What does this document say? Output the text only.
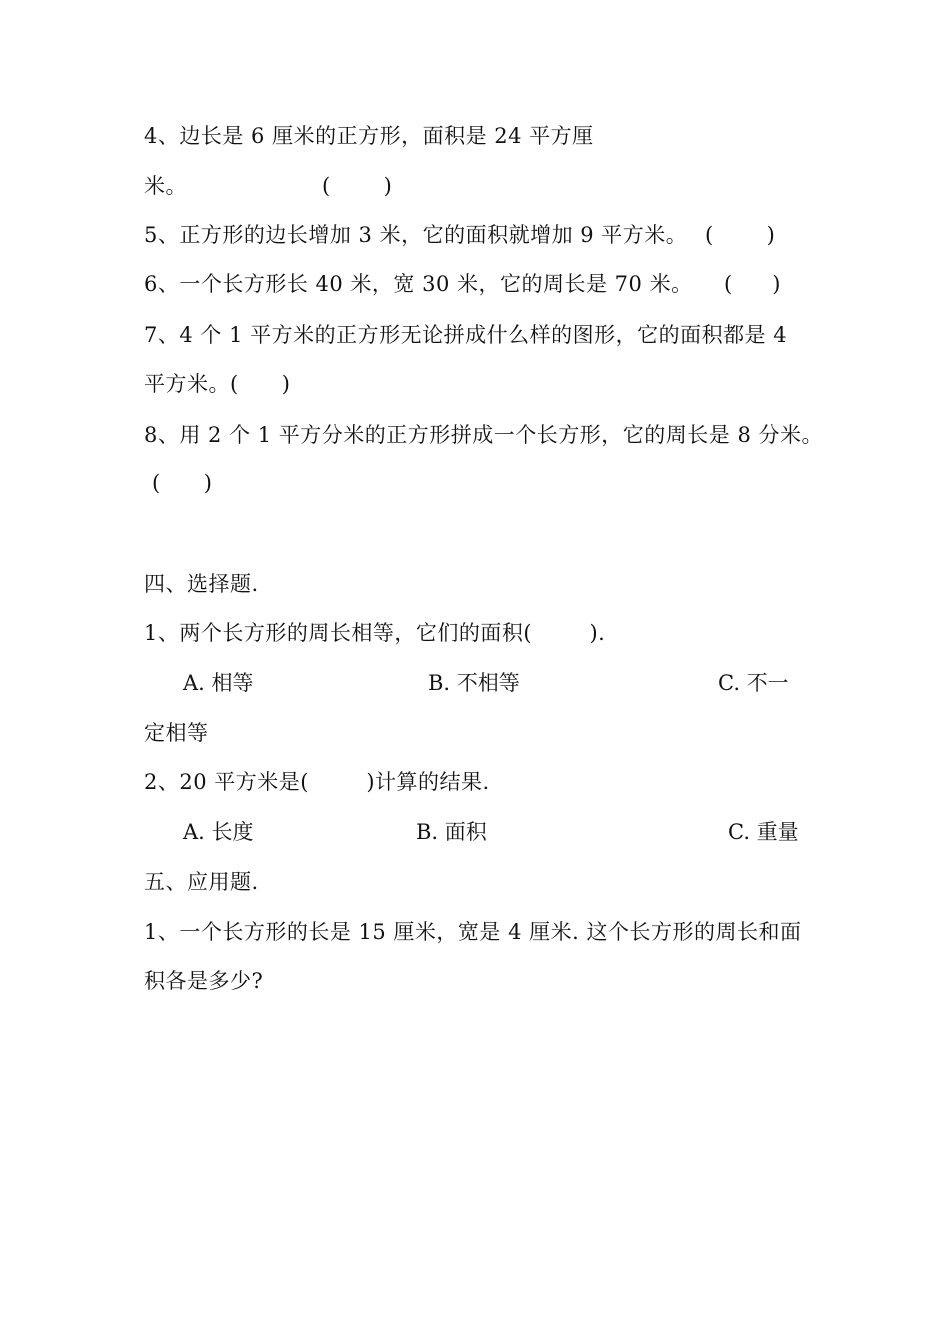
4、边长是 6 厘米的正方形，面积是 24 平方厘
米。	(        )
5、正方形的边长增加 3 米，它的面积就增加 9 平方米。 (        )
6、一个长方形长 40 米，宽 30 米，它的周长是 70 米。 (      )
7、4 个 1 平方米的正方形无论拼成什么样的图形，它的面积都是 4
平方米。(      )
8、用 2 个 1 平方分米的正方形拼成一个长方形，它的周长是 8 分米。
(      )
四、选择题.
1、两个长方形的周长相等，它们的面积(        ).
A. 相等	B. 不相等	C. 不一
定相等
2、20 平方米是(        )计算的结果.
A. 长度	B. 面积	C. 重量
五、应用题.
1、一个长方形的长是 15 厘米，宽是 4 厘米. 这个长方形的周长和面
积各是多少?
